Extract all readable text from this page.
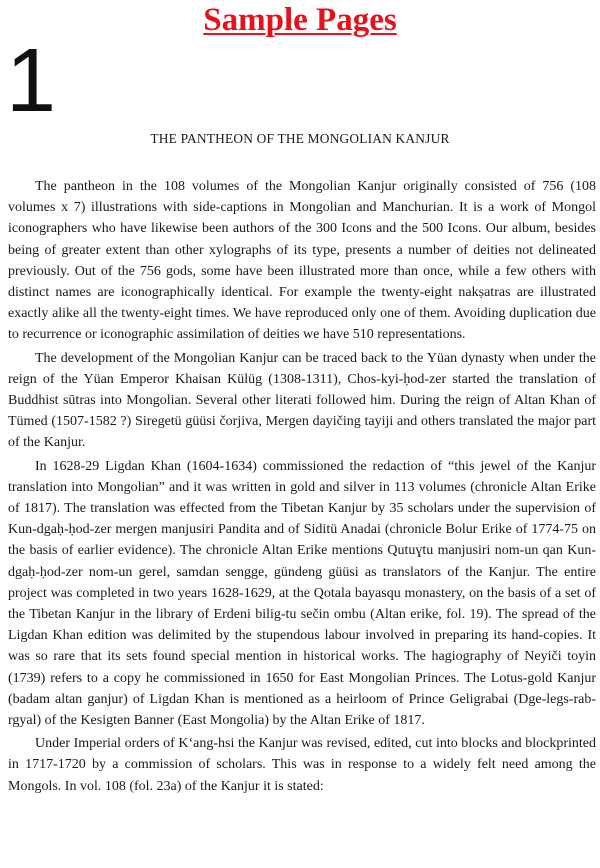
Sample Pages
1
THE PANTHEON OF THE MONGOLIAN KANJUR

The pantheon in the 108 volumes of the Mongolian Kanjur originally consisted of 756 (108 volumes x 7) illustrations with side-captions in Mongolian and Manchurian. It is a work of Mongol iconographers who have likewise been authors of the 300 Icons and the 500 Icons. Our album, besides being of greater extent than other xylographs of its type, presents a number of deities not delineated previously. Out of the 756 gods, some have been illustrated more than once, while a few others with distinct names are iconographically identical. For example the twenty-eight nakṣatras are illustrated exactly alike all the twenty-eight times. We have reproduced only one of them. Avoiding duplication due to recurrence or iconographic assimilation of deities we have 510 representations.

The development of the Mongolian Kanjur can be traced back to the Yüan dynasty when under the reign of the Yüan Emperor Khaisan Külüg (1308-1311), Chos-kyi-ḥod-zer started the translation of Buddhist sūtras into Mongolian. Several other literati followed him. During the reign of Altan Khan of Tümed (1507-1582 ?) Siregetü güüsi čorjiva, Mergen dayičing tayiji and others translated the major part of the Kanjur.

In 1628-29 Ligdan Khan (1604-1634) commissioned the redaction of “this jewel of the Kanjur translation into Mongolian” and it was written in gold and silver in 113 volumes (chronicle Altan Erike of 1817). The translation was effected from the Tibetan Kanjur by 35 scholars under the supervision of Kun-dgaḥ-ḥod-zer mergen manjusiri Pandita and of Siditü Anadai (chronicle Bolur Erike of 1774-75 on the basis of earlier evidence). The chronicle Altan Erike mentions Qutuɣtu manjusiri nom-un qan Kun-dgaḥ-ḥod-zer nom-un gerel, samdan sengge, gündeng güüsi as translators of the Kanjur. The entire project was completed in two years 1628-1629, at the Qotala bayasqu monastery, on the basis of a set of the Tibetan Kanjur in the library of Erdeni bilig-tu sečin ombu (Altan erike, fol. 19). The spread of the Ligdan Khan edition was delimited by the stupendous labour involved in preparing its hand-copies. It was so rare that its sets found special mention in historical works. The hagiography of Neyiči toyin (1739) refers to a copy he commissioned in 1650 for East Mongolian Princes. The Lotus-gold Kanjur (badam altan ganjur) of Ligdan Khan is mentioned as a heirloom of Prince Geligrabai (Dge-legs-rab-rgyal) of the Kesigten Banner (East Mongolia) by the Altan Erike of 1817.

Under Imperial orders of K‘ang-hsi the Kanjur was revised, edited, cut into blocks and blockprinted in 1717-1720 by a commission of scholars. This was in response to a widely felt need among the Mongols. In vol. 108 (fol. 23a) of the Kanjur it is stated:
